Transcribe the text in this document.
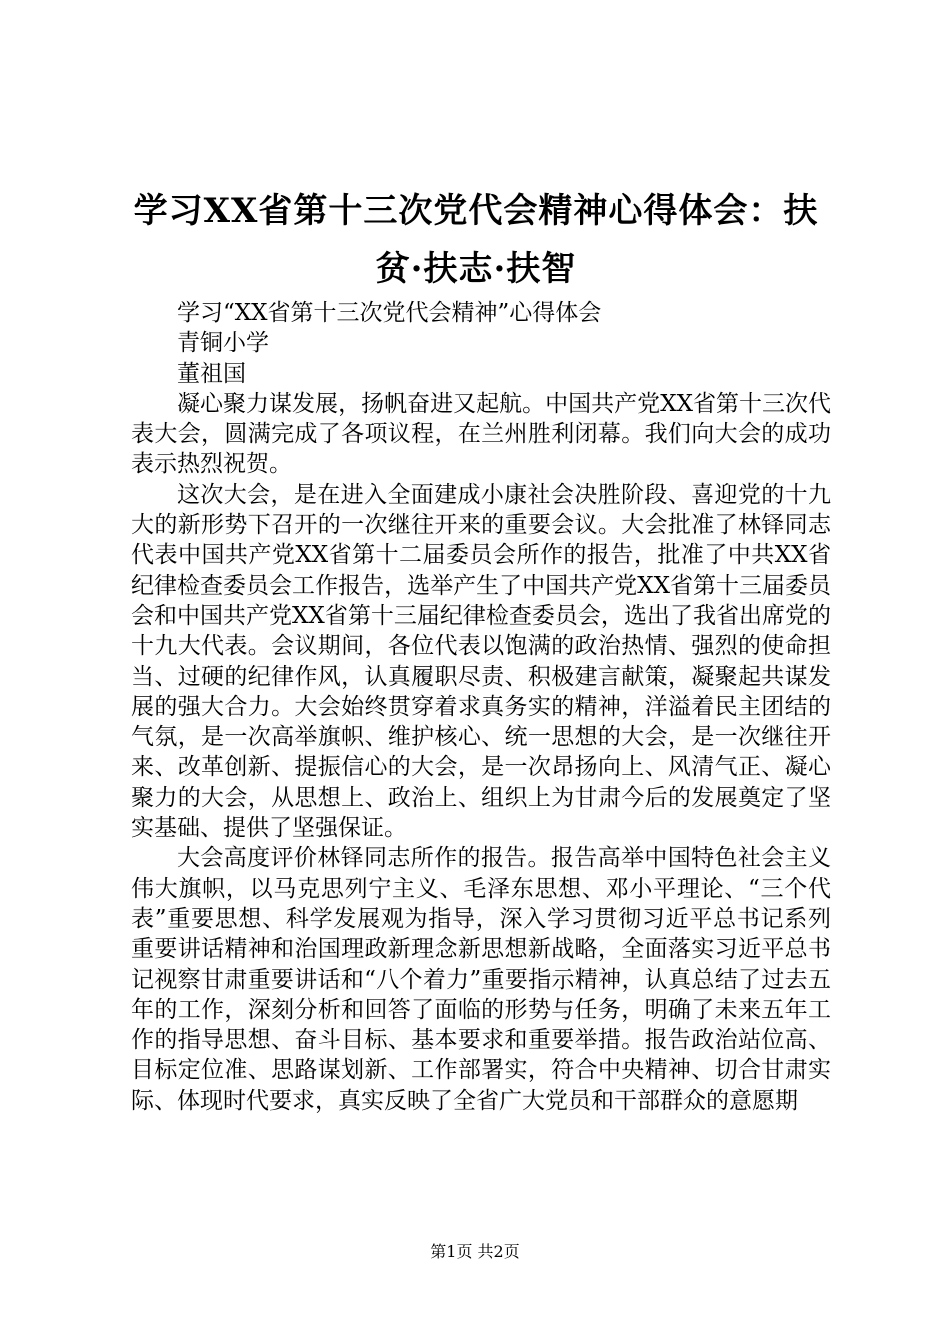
学习XX省第十三次党代会精神心得体会：扶贫·扶志·扶智

学习“XX省第十三次党代会精神”心得体会

青铜小学

董祖国

凝心聚力谋发展，扬帆奋进又起航。中国共产党XX省第十三次代表大会，圆满完成了各项议程，在兰州胜利闭幕。我们向大会的成功表示热烈祝贺。

这次大会，是在进入全面建成小康社会决胜阶段、喜迎党的十九大的新形势下召开的一次继往开来的重要会议。大会批准了林铎同志代表中国共产党XX省第十二届委员会所作的报告，批准了中共XX省纪律检查委员会工作报告，选举产生了中国共产党XX省第十三届委员会和中国共产党XX省第十三届纪律检查委员会，选出了我省出席党的十九大代表。会议期间，各位代表以饱满的政治热情、强烈的使命担当、过硬的纪律作风，认真履职尽责、积极建言献策，凝聚起共谋发展的强大合力。大会始终贯穿着求真务实的精神，洋溢着民主团结的气氛，是一次高举旗帜、维护核心、统一思想的大会，是一次继往开来、改革创新、提振信心的大会，是一次昂扬向上、风清气正、凝心聚力的大会，从思想上、政治上、组织上为甘肃今后的发展奠定了坚实基础、提供了坚强保证。

大会高度评价林铎同志所作的报告。报告高举中国特色社会主义伟大旗帜，以马克思列宁主义、毛泽东思想、邓小平理论、“三个代表”重要思想、科学发展观为指导，深入学习贯彻习近平总书记系列重要讲话精神和治国理政新理念新思想新战略，全面落实习近平总书记视察甘肃重要讲话和“八个着力”重要指示精神，认真总结了过去五年的工作，深刻分析和回答了面临的形势与任务，明确了未来五年工作的指导思想、奋斗目标、基本要求和重要举措。报告政治站位高、目标定位准、思路谋划新、工作部署实，符合中央精神、切合甘肃实际、体现时代要求，真实反映了全省广大党员和干部群众的意愿期

第1页 共2页
